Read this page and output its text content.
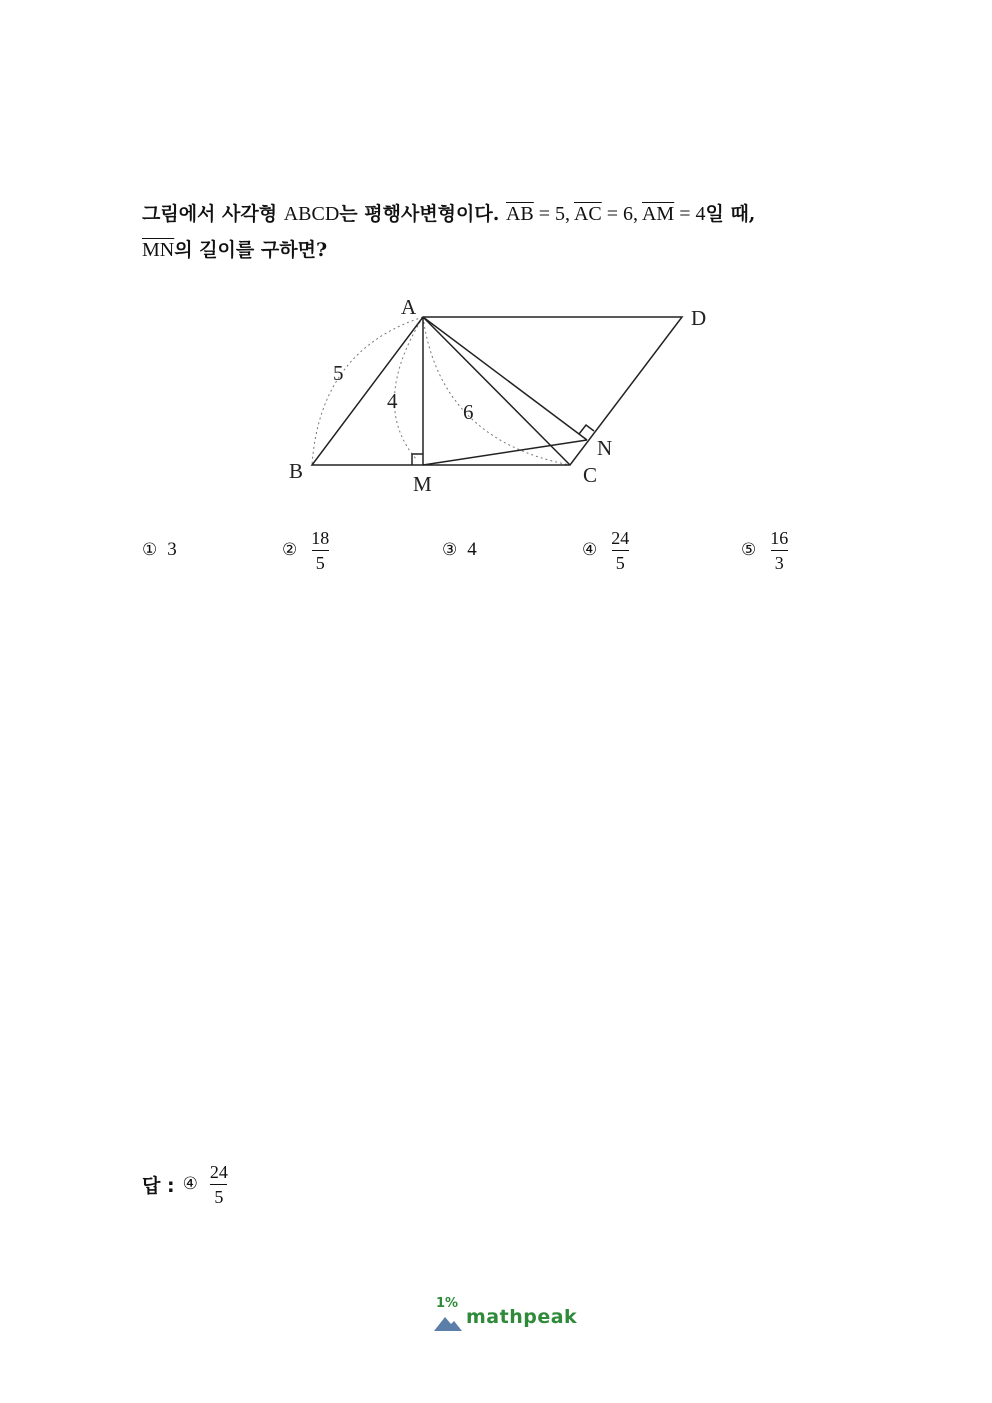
그림에서 사각형 ABCD는 평행사변형이다. $\overline{AB} = 5$, $\overline{AC} = 6$, $\overline{AM} = 4$일 때,
$\overline{MN}$의 길이를 구하면?
A	D
B
M	C
N
5
4	6
① 3	② $\frac{18}{5}$	③ 4	④ $\frac{24}{5}$	⑤ $\frac{16}{3}$
답 : ④ $\frac{24}{5}$
1%
mathpeak
